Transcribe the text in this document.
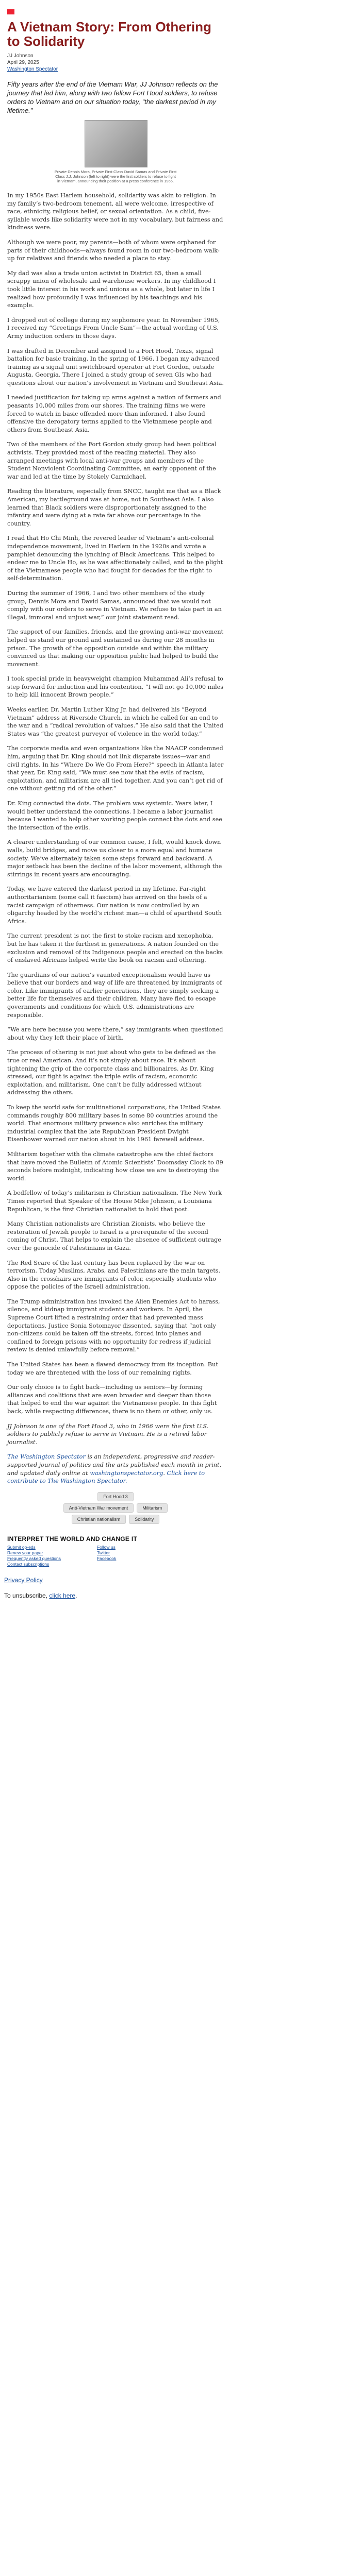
A Vietnam Story: From Othering to Solidarity
JJ Johnson
April 29, 2025
Washington Spectator
Fifty years after the end of the Vietnam War, JJ Johnson reflects on the journey that led him, along with two fellow Fort Hood soldiers, to refuse orders to Vietnam and on our situation today, “the darkest period in my lifetime.”
Private Dennis Mora, Private First Class David Samas and Private First Class J.J. Johnson (left to right) were the first soldiers to refuse to fight in Vietnam, announcing their position at a press conference in 1966.

In my 1950s East Harlem household, solidarity was akin to religion. In my family’s two-bedroom tenement, all were welcome, irrespective of race, ethnicity, religious belief, or sexual orientation. As a child, five-syllable words like solidarity were not in my vocabulary, but fairness and kindness were.

Although we were poor, my parents—both of whom were orphaned for parts of their childhoods—always found room in our two-bedroom walk-up for relatives and friends who needed a place to stay.

My dad was also a trade union activist in District 65, then a small scrappy union of wholesale and warehouse workers. In my childhood I took little interest in his work and unions as a whole, but later in life I realized how profoundly I was influenced by his teachings and his example.

I dropped out of college during my sophomore year. In November 1965, I received my “Greetings From Uncle Sam”—the actual wording of U.S. Army induction orders in those days.

I was drafted in December and assigned to a Fort Hood, Texas, signal battalion for basic training. In the spring of 1966, I began my advanced training as a signal unit switchboard operator at Fort Gordon, outside Augusta, Georgia. There I joined a study group of seven GIs who had questions about our nation’s involvement in Vietnam and Southeast Asia.

I needed justification for taking up arms against a nation of farmers and peasants 10,000 miles from our shores. The training films we were forced to watch in basic offended more than informed. I also found offensive the derogatory terms applied to the Vietnamese people and others from Southeast Asia.

Two of the members of the Fort Gordon study group had been political activists. They provided most of the reading material. They also arranged meetings with local anti-war groups and members of the Student Nonviolent Coordinating Committee, an early opponent of the war and led at the time by Stokely Carmichael.

Reading the literature, especially from SNCC, taught me that as a Black American, my battleground was at home, not in Southeast Asia. I also learned that Black soldiers were disproportionately assigned to the infantry and were dying at a rate far above our percentage in the country.

I read that Ho Chi Minh, the revered leader of Vietnam’s anti-colonial independence movement, lived in Harlem in the 1920s and wrote a pamphlet denouncing the lynching of Black Americans. This helped to endear me to Uncle Ho, as he was affectionately called, and to the plight of the Vietnamese people who had fought for decades for the right to self-determination.

During the summer of 1966, I and two other members of the study group, Dennis Mora and David Samas, announced that we would not comply with our orders to serve in Vietnam. We refuse to take part in an illegal, immoral and unjust war,” our joint statement read.

The support of our families, friends, and the growing anti-war movement helped us stand our ground and sustained us during our 28 months in prison. The growth of the opposition outside and within the military convinced us that making our opposition public had helped to build the movement.

I took special pride in heavyweight champion Muhammad Ali’s refusal to step forward for induction and his contention, “I will not go 10,000 miles to help kill innocent Brown people.”

Weeks earlier, Dr. Martin Luther King Jr. had delivered his “Beyond Vietnam” address at Riverside Church, in which he called for an end to the war and a “radical revolution of values.” He also said that the United States was “the greatest purveyor of violence in the world today.”

The corporate media and even organizations like the NAACP condemned him, arguing that Dr. King should not link disparate issues—war and civil rights. In his “Where Do We Go From Here?” speech in Atlanta later that year, Dr. King said, “We must see now that the evils of racism, exploitation, and militarism are all tied together. And you can’t get rid of one without getting rid of the other.”

Dr. King connected the dots. The problem was systemic. Years later, I would better understand the connections. I became a labor journalist because I wanted to help other working people connect the dots and see the intersection of the evils.

A clearer understanding of our common cause, I felt, would knock down walls, build bridges, and move us closer to a more equal and humane society. We’ve alternately taken some steps forward and backward. A major setback has been the decline of the labor movement, although the stirrings in recent years are encouraging.

Today, we have entered the darkest period in my lifetime. Far-right authoritarianism (some call it fascism) has arrived on the heels of a racist campaign of otherness. Our nation is now controlled by an oligarchy headed by the world’s richest man—a child of apartheid South Africa.

The current president is not the first to stoke racism and xenophobia, but he has taken it the furthest in generations. A nation founded on the exclusion and removal of its Indigenous people and erected on the backs of enslaved Africans helped write the book on racism and othering.

The guardians of our nation’s vaunted exceptionalism would have us believe that our borders and way of life are threatened by immigrants of color. Like immigrants of earlier generations, they are simply seeking a better life for themselves and their children. Many have fled to escape governments and conditions for which U.S. administrations are responsible.

“We are here because you were there,” say immigrants when questioned about why they left their place of birth.

The process of othering is not just about who gets to be defined as the true or real American. And it’s not simply about race. It’s about tightening the grip of the corporate class and billionaires. As Dr. King stressed, our fight is against the triple evils of racism, economic exploitation, and militarism. One can’t be fully addressed without addressing the others.

To keep the world safe for multinational corporations, the United States commands roughly 800 military bases in some 80 countries around the world. That enormous military presence also enriches the military industrial complex that the late Republican President Dwight Eisenhower warned our nation about in his 1961 farewell address.

Militarism together with the climate catastrophe are the chief factors that have moved the Bulletin of Atomic Scientists’ Doomsday Clock to 89 seconds before midnight, indicating how close we are to destroying the world.

A bedfellow of today’s militarism is Christian nationalism. The New York Times reported that Speaker of the House Mike Johnson, a Louisiana Republican, is the first Christian nationalist to hold that post.

Many Christian nationalists are Christian Zionists, who believe the restoration of Jewish people to Israel is a prerequisite of the second coming of Christ. That helps to explain the absence of sufficient outrage over the genocide of Palestinians in Gaza.

The Red Scare of the last century has been replaced by the war on terrorism. Today Muslims, Arabs, and Palestinians are the main targets. Also in the crosshairs are immigrants of color, especially students who oppose the policies of the Israeli administration.

The Trump administration has invoked the Alien Enemies Act to harass, silence, and kidnap immigrant students and workers. In April, the Supreme Court lifted a restraining order that had prevented mass deportations. Justice Sonia Sotomayor dissented, saying that “not only non-citizens could be taken off the streets, forced into planes and confined to foreign prisons with no opportunity for redress if judicial review is denied unlawfully before removal.”

The United States has been a flawed democracy from its inception. But today we are threatened with the loss of our remaining rights.

Our only choice is to fight back—including us seniors—by forming alliances and coalitions that are even broader and deeper than those that helped to end the war against the Vietnamese people. In this fight back, while respecting differences, there is no them or other, only us.

JJ Johnson is one of the Fort Hood 3, who in 1966 were the first U.S. soldiers to publicly refuse to serve in Vietnam. He is a retired labor journalist.

The Washington Spectator is an independent, progressive and reader-supported journal of politics and the arts published each month in print, and updated daily online at washingtonspectator.org. Click here to contribute to The Washington Spectator.

Fort Hood 3
Anti-Vietnam War movement	Militarism
Christian nationalism	Solidarity
INTERPRET THE WORLD AND CHANGE IT
Submit op-eds
Renew your paper
Frequently asked questions
Contact subscriptions
Follow us
Twitter
Facebook
Privacy Policy
To unsubscribe, click here.
